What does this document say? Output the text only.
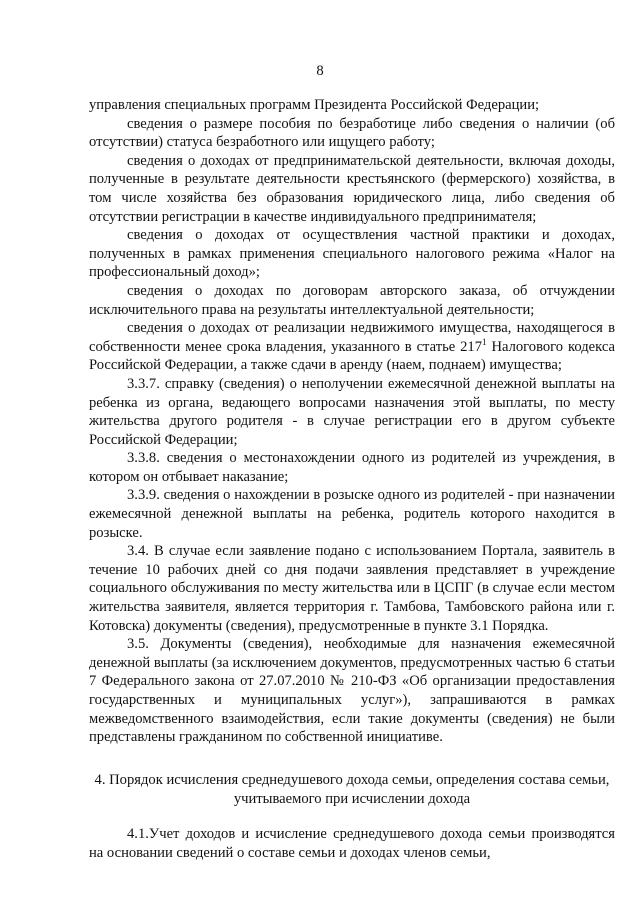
8

управления специальных программ Президента Российской Федерации;

сведения о размере пособия по безработице либо сведения о наличии (об отсутствии) статуса безработного или ищущего работу;

сведения о доходах от предпринимательской деятельности, включая доходы, полученные в результате деятельности крестьянского (фермерского) хозяйства, в том числе хозяйства без образования юридического лица, либо сведения об отсутствии регистрации в качестве индивидуального предпринимателя;

сведения о доходах от осуществления частной практики и доходах, полученных в рамках применения специального налогового режима «Налог на профессиональный доход»;

сведения о доходах по договорам авторского заказа, об отчуждении исключительного права на результаты интеллектуальной деятельности;

сведения о доходах от реализации недвижимого имущества, находящегося в собственности менее срока владения, указанного в статье $217^1$ Налогового кодекса Российской Федерации, а также сдачи в аренду (наем, поднаем) имущества;

3.3.7. справку (сведения) о неполучении ежемесячной денежной выплаты на ребенка из органа, ведающего вопросами назначения этой выплаты, по месту жительства другого родителя - в случае регистрации его в другом субъекте Российской Федерации;

3.3.8. сведения о местонахождении одного из родителей из учреждения, в котором он отбывает наказание;

3.3.9. сведения о нахождении в розыске одного из родителей - при назначении ежемесячной денежной выплаты на ребенка, родитель которого находится в розыске.

3.4. В случае если заявление подано с использованием Портала, заявитель в течение 10 рабочих дней со дня подачи заявления представляет в учреждение социального обслуживания по месту жительства или в ЦСПГ (в случае если местом жительства заявителя, является территория г. Тамбова, Тамбовского района или г. Котовска) документы (сведения), предусмотренные в пункте 3.1 Порядка.

3.5. Документы (сведения), необходимые для назначения ежемесячной денежной выплаты (за исключением документов, предусмотренных частью 6 статьи 7 Федерального закона от 27.07.2010 № 210-ФЗ «Об организации предоставления государственных и муниципальных услуг»), запрашиваются в рамках межведомственного взаимодействия, если такие документы (сведения) не были представлены гражданином по собственной инициативе.

4. Порядок исчисления среднедушевого дохода семьи, определения состава семьи, учитываемого при исчислении дохода

4.1.Учет доходов и исчисление среднедушевого дохода семьи производятся на основании сведений о составе семьи и доходах членов семьи,
